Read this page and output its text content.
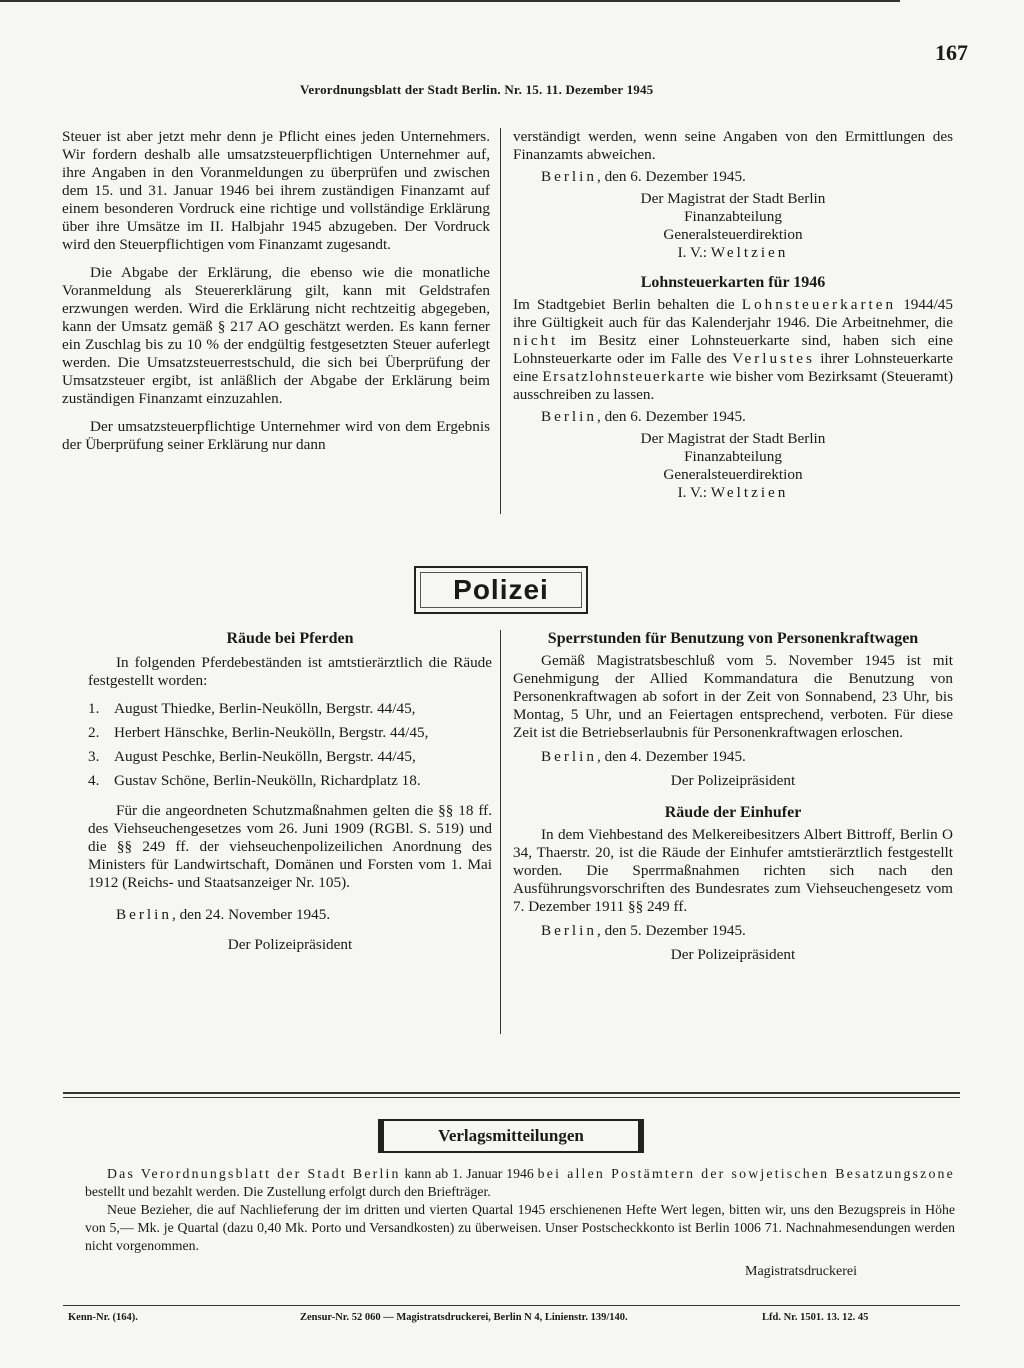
167
Verordnungsblatt der Stadt Berlin. Nr. 15. 11. Dezember 1945

Steuer ist aber jetzt mehr denn je Pflicht eines jeden Unternehmers. Wir fordern deshalb alle umsatzsteuerpflichtigen Unternehmer auf, ihre Angaben in den Voranmeldungen zu überprüfen und zwischen dem 15. und 31. Januar 1946 bei ihrem zuständigen Finanzamt auf einem besonderen Vordruck eine richtige und vollständige Erklärung über ihre Umsätze im II. Halbjahr 1945 abzugeben. Der Vordruck wird den Steuerpflichtigen vom Finanzamt zugesandt.

Die Abgabe der Erklärung, die ebenso wie die monatliche Voranmeldung als Steuererklärung gilt, kann mit Geldstrafen erzwungen werden. Wird die Erklärung nicht rechtzeitig abgegeben, kann der Umsatz gemäß § 217 AO geschätzt werden. Es kann ferner ein Zuschlag bis zu 10 % der endgültig festgesetzten Steuer auferlegt werden. Die Umsatzsteuerrestschuld, die sich bei Überprüfung der Umsatzsteuer ergibt, ist anläßlich der Abgabe der Erklärung beim zuständigen Finanzamt einzuzahlen.

Der umsatzsteuerpflichtige Unternehmer wird von dem Ergebnis der Überprüfung seiner Erklärung nur dann

verständigt werden, wenn seine Angaben von den Ermittlungen des Finanzamts abweichen.

Berlin, den 6. Dezember 1945.

Der Magistrat der Stadt Berlin
Finanzabteilung
Generalsteuerdirektion
I. V.: Weltzien
Lohnsteuerkarten für 1946

Im Stadtgebiet Berlin behalten die Lohnsteuerkarten 1944/45 ihre Gültigkeit auch für das Kalenderjahr 1946. Die Arbeitnehmer, die nicht im Besitz einer Lohnsteuerkarte sind, haben sich eine Lohnsteuerkarte oder im Falle des Verlustes ihrer Lohnsteuerkarte eine Ersatzlohnsteuerkarte wie bisher vom Bezirksamt (Steueramt) ausschreiben zu lassen.

Berlin, den 6. Dezember 1945.

Der Magistrat der Stadt Berlin
Finanzabteilung
Generalsteuerdirektion
I. V.: Weltzien
Polizei
Räude bei Pferden

In folgenden Pferdebeständen ist amtstierärztlich die Räude festgestellt worden:

1. August Thiedke, Berlin-Neukölln, Bergstr. 44/45,
2. Herbert Hänschke, Berlin-Neukölln, Bergstr. 44/45,
3. August Peschke, Berlin-Neukölln, Bergstr. 44/45,
4. Gustav Schöne, Berlin-Neukölln, Richardplatz 18.

Für die angeordneten Schutzmaßnahmen gelten die §§ 18 ff. des Viehseuchengesetzes vom 26. Juni 1909 (RGBl. S. 519) und die §§ 249 ff. der viehseuchenpolizeilichen Anordnung des Ministers für Landwirtschaft, Domänen und Forsten vom 1. Mai 1912 (Reichs- und Staatsanzeiger Nr. 105).

Berlin, den 24. November 1945.

Der Polizeipräsident
Sperrstunden für Benutzung von Personenkraftwagen

Gemäß Magistratsbeschluß vom 5. November 1945 ist mit Genehmigung der Allied Kommandatura die Benutzung von Personenkraftwagen ab sofort in der Zeit von Sonnabend, 23 Uhr, bis Montag, 5 Uhr, und an Feiertagen entsprechend, verboten. Für diese Zeit ist die Betriebserlaubnis für Personenkraftwagen erloschen.

Berlin, den 4. Dezember 1945.

Der Polizeipräsident
Räude der Einhufer

In dem Viehbestand des Melkereibesitzers Albert Bittroff, Berlin O 34, Thaerstr. 20, ist die Räude der Einhufer amtstierärztlich festgestellt worden. Die Sperrmaßnahmen richten sich nach den Ausführungsvorschriften des Bundesrates zum Viehseuchengesetz vom 7. Dezember 1911 §§ 249 ff.

Berlin, den 5. Dezember 1945.

Der Polizeipräsident
Verlagsmitteilungen

Das Verordnungsblatt der Stadt Berlin kann ab 1. Januar 1946 bei allen Postämtern der sowjetischen Besatzungszone bestellt und bezahlt werden. Die Zustellung erfolgt durch den Briefträger.

Neue Bezieher, die auf Nachlieferung der im dritten und vierten Quartal 1945 erschienenen Hefte Wert legen, bitten wir, uns den Bezugspreis in Höhe von 5,— Mk. je Quartal (dazu 0,40 Mk. Porto und Versandkosten) zu überweisen. Unser Postscheckkonto ist Berlin 1006 71. Nachnahmesendungen werden nicht vorgenommen.

Magistratsdruckerei
Kenn-Nr. (164).	Zensur-Nr. 52 060 — Magistratsdruckerei, Berlin N 4, Linienstr. 139/140.	Lfd. Nr. 1501. 13. 12. 45
